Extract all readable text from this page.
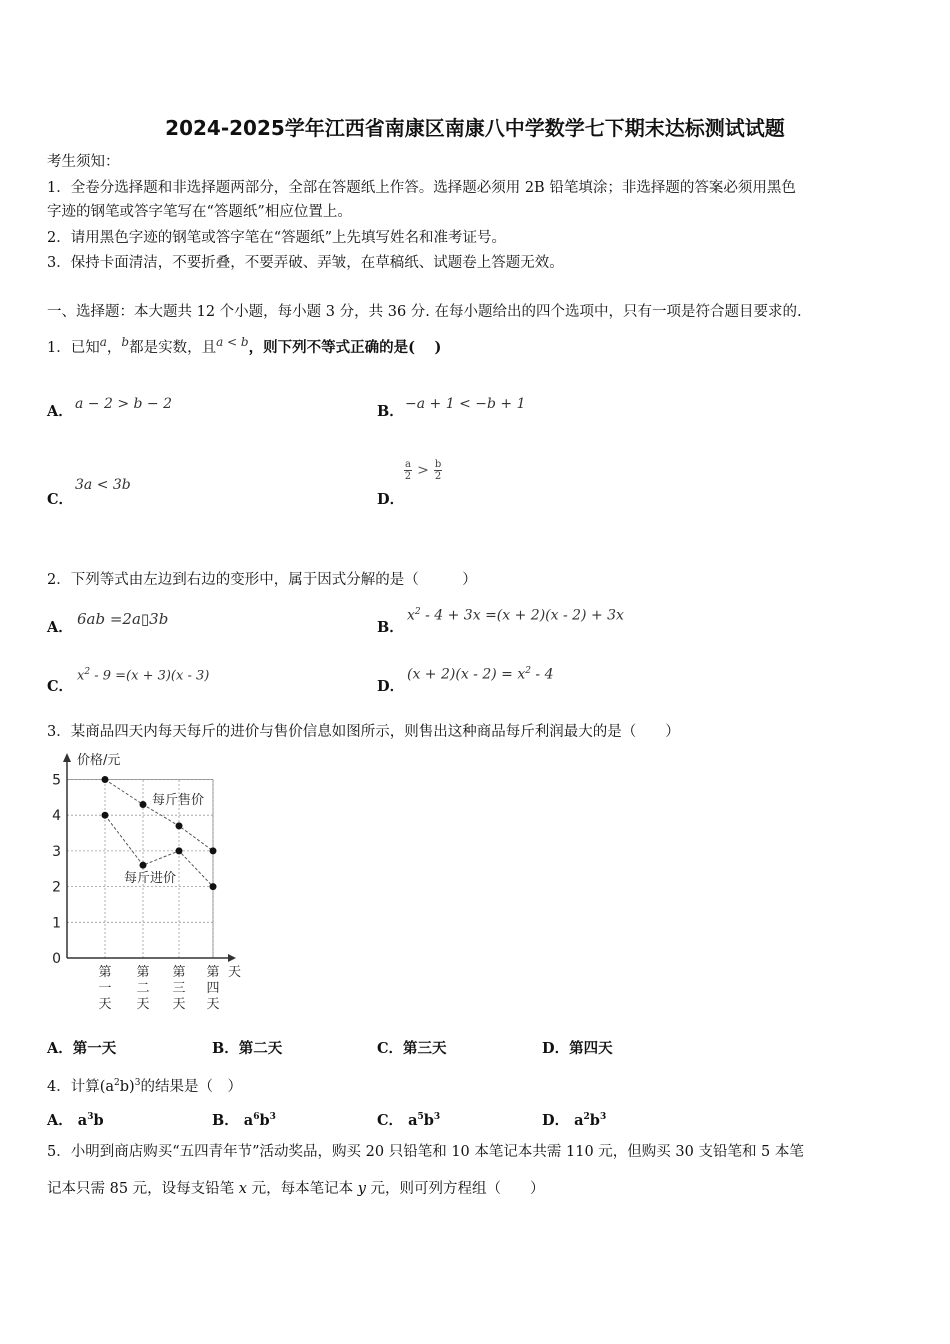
2024-2025学年江西省南康区南康八中学数学七下期末达标测试试题
考生须知：
1．全卷分选择题和非选择题两部分，全部在答题纸上作答。选择题必须用 2B 铅笔填涂；非选择题的答案必须用黑色
字迹的钢笔或答字笔写在“答题纸”相应位置上。
2．请用黑色字迹的钢笔或答字笔在“答题纸”上先填写姓名和准考证号。
3．保持卡面清洁，不要折叠，不要弄破、弄皱，在草稿纸、试题卷上答题无效。
一、选择题：本大题共 12 个小题，每小题 3 分，共 36 分. 在每小题给出的四个选项中，只有一项是符合题目要求的.
1．已知$^a$，$^b$都是实数，且$^{a < b}$，则下列不等式正确的是(　 )
A． a − 2 > b − 2	B． −a + 1 < −b + 1
C．
3a < 3b
D．
$\frac{a}{2} > \frac{b}{2}$
2．下列等式由左边到右边的变形中，属于因式分解的是（　　　）
A． 6ab =2a▯3b	B．
$x^2 - 4 + 3x =(x + 2)(x - 2) + 3x$
C．
$x^2 - 9 =(x + 3)(x - 3)$
D．
$(x + 2)(x - 2) = x^2 - 4$
3．某商品四天内每天每斤的进价与售价信息如图所示，则售出这种商品每斤利润最大的是（　　）
每斤售价
每斤进价
0
1
2
3
4
5
价格/元
第
一
天
第
二
天
第
三
天
第
四
天
天
A．第一天	B．第二天	C．第三天	D．第四天
4．计算$(a^2b)^3$的结果是（　）
A． $a^3b$	B． $a^6b^3$	C． $a^5b^3$	D． $a^2b^3$
5．小明到商店购买“五四青年节”活动奖品，购买 20 只铅笔和 10 本笔记本共需 110 元，但购买 30 支铅笔和 5 本笔
记本只需 85 元，设每支铅笔 x 元，每本笔记本 y 元，则可列方程组（　　）
